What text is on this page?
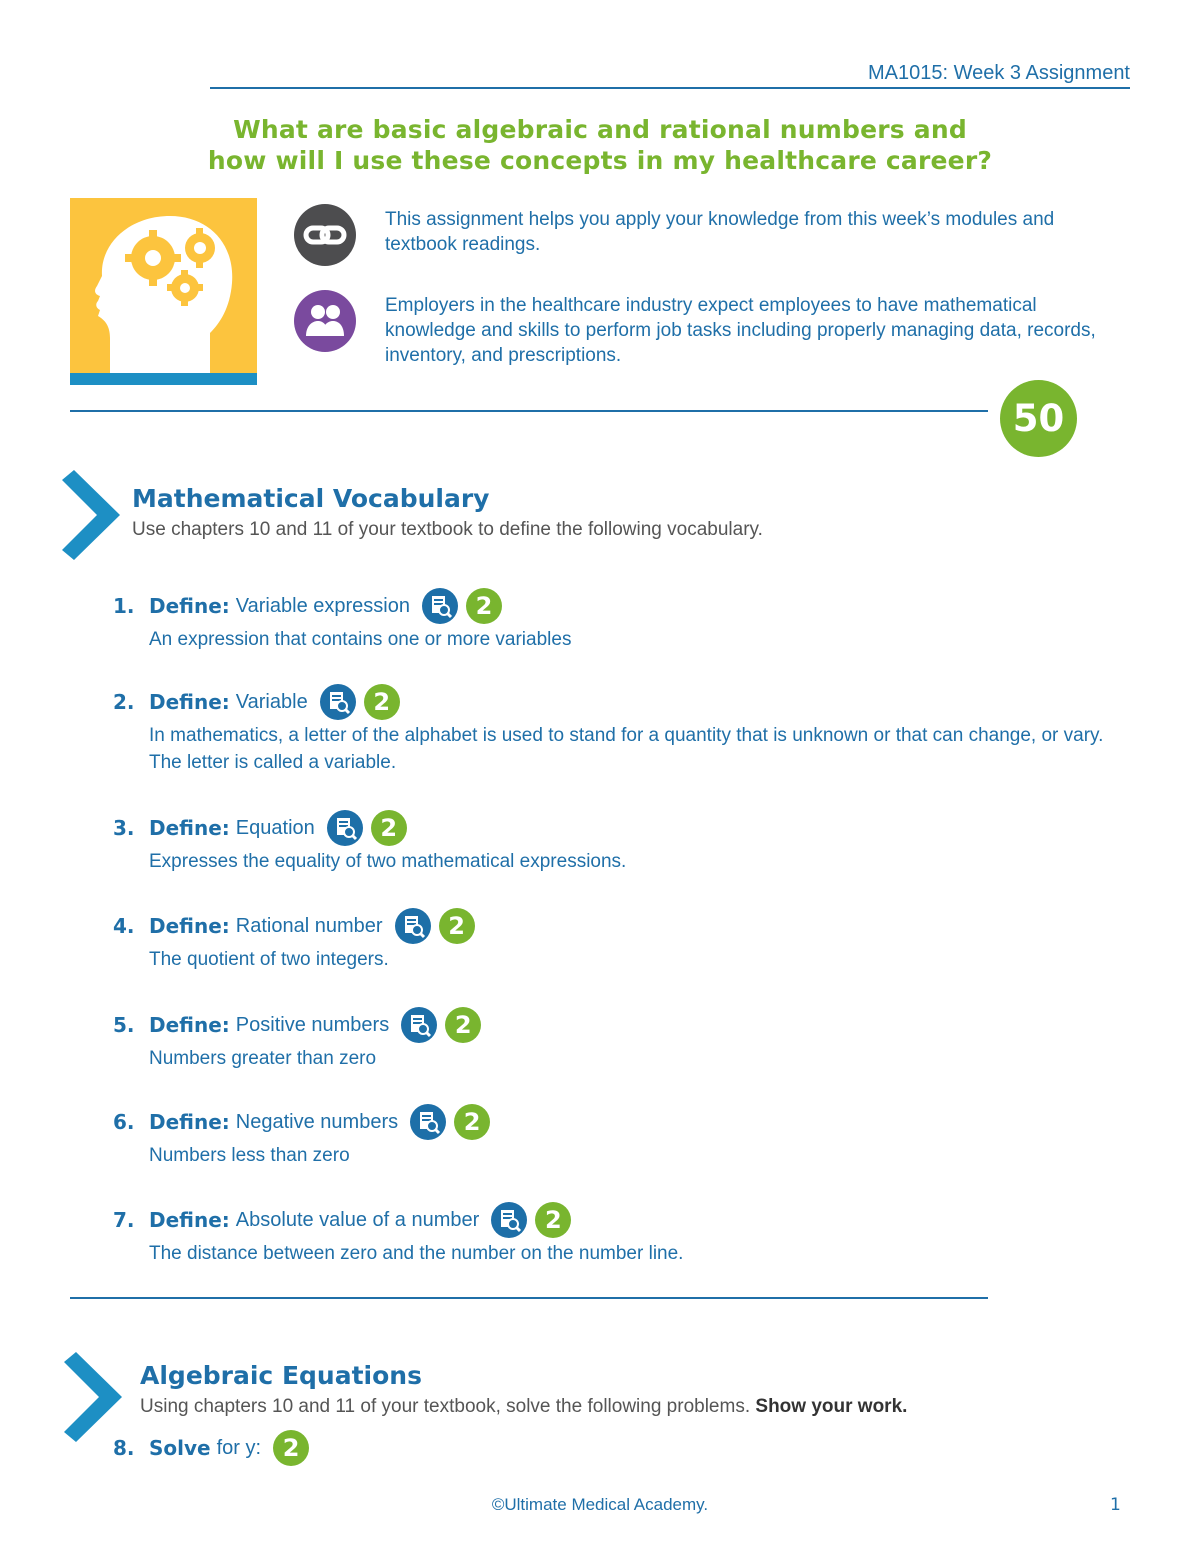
MA1015: Week 3 Assignment
What are basic algebraic and rational numbers and
how will I use these concepts in my healthcare career?
This assignment helps you apply your knowledge from this week’s modules and textbook readings.
Employers in the healthcare industry expect employees to have mathematical knowledge and skills to perform job tasks including properly managing data, records, inventory, and prescriptions.
50
Mathematical Vocabulary
Use chapters 10 and 11 of your textbook to define the following vocabulary.
1. Define: Variable expression	2
An expression that contains one or more variables
2. Define: Variable	2
In mathematics, a letter of the alphabet is used to stand for a quantity that is unknown or that can change, or vary. The letter is called a variable.
3. Define: Equation	2
Expresses the equality of two mathematical expressions.
4. Define: Rational number	2
The quotient of two integers.
5. Define: Positive numbers	2
Numbers greater than zero
6. Define: Negative numbers	2
Numbers less than zero
7. Define: Absolute value of a number	2
The distance between zero and the number on the number line.
Algebraic Equations
Using chapters 10 and 11 of your textbook, solve the following problems. Show your work.
8. Solve for y: 2
©Ultimate Medical Academy.	1
